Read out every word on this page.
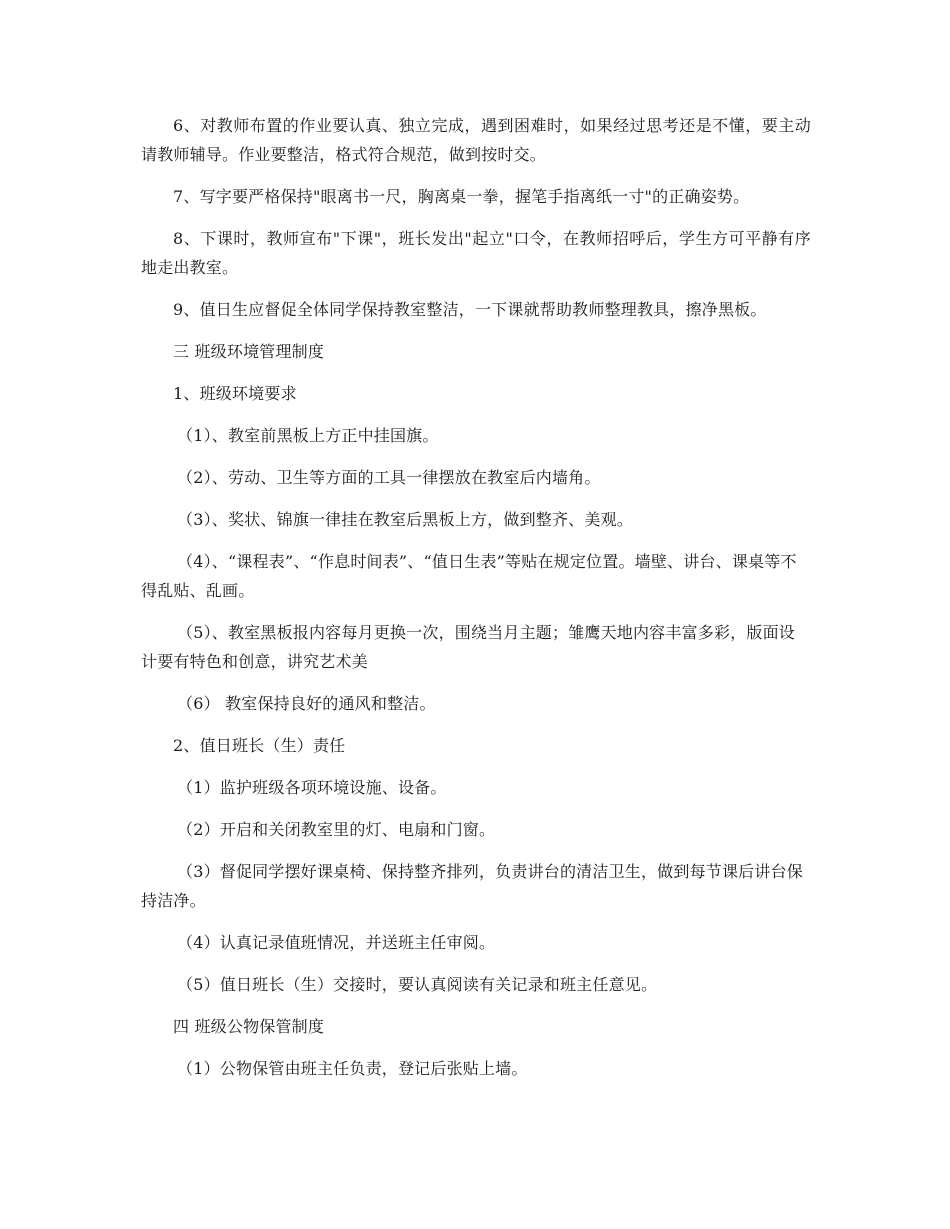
6、对教师布置的作业要认真、独立完成，遇到困难时，如果经过思考还是不懂，要主动请教师辅导。作业要整洁，格式符合规范，做到按时交。

7、写字要严格保持"眼离书一尺，胸离桌一拳，握笔手指离纸一寸"的正确姿势。

8、下课时，教师宣布"下课"，班长发出"起立"口令，在教师招呼后，学生方可平静有序地走出教室。

9、值日生应督促全体同学保持教室整洁，一下课就帮助教师整理教具，擦净黑板。

三 班级环境管理制度

1、班级环境要求

（1）、教室前黑板上方正中挂国旗。

（2）、劳动、卫生等方面的工具一律摆放在教室后内墙角。

（3）、奖状、锦旗一律挂在教室后黑板上方，做到整齐、美观。

（4）、“课程表”、“作息时间表”、“值日生表”等贴在规定位置。墙壁、讲台、课桌等不得乱贴、乱画。

（5）、教室黑板报内容每月更换一次，围绕当月主题；雏鹰天地内容丰富多彩，版面设计要有特色和创意，讲究艺术美

（6） 教室保持良好的通风和整洁。

2、值日班长（生）责任

（1）监护班级各项环境设施、设备。

（2）开启和关闭教室里的灯、电扇和门窗。

（3）督促同学摆好课桌椅、保持整齐排列，负责讲台的清洁卫生，做到每节课后讲台保持洁净。

（4）认真记录值班情况，并送班主任审阅。

（5）值日班长（生）交接时，要认真阅读有关记录和班主任意见。

四 班级公物保管制度

（1）公物保管由班主任负责，登记后张贴上墙。
